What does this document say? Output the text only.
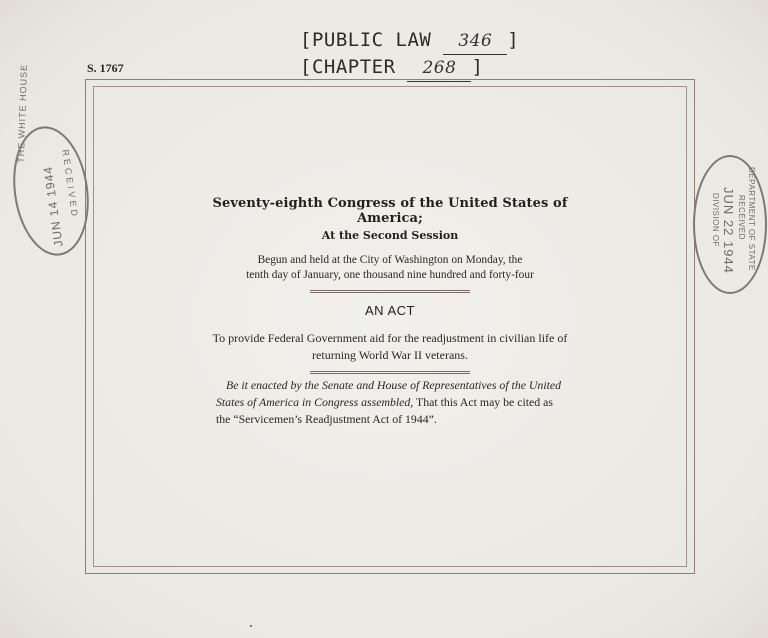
[PUBLIC LAW 346 ]
[CHAPTER 268 ]
S. 1767

Seventy-eighth Congress of the United States of America;

At the Second Session
Begun and held at the City of Washington on Monday, the tenth day of January, one thousand nine hundred and forty-four
AN ACT
To provide Federal Government aid for the readjustment in civilian life of returning World War II veterans.
Be it enacted by the Senate and House of Representatives of the United States of America in Congress assembled, That this Act may be cited as the “Servicemen’s Readjustment Act of 1944”.
THE WHITE HOUSE
JUN 14 1944
RECEIVED	DEPARTMENT OF STATE
RECEIVED
JUN 22 1944
DIVISION OF
